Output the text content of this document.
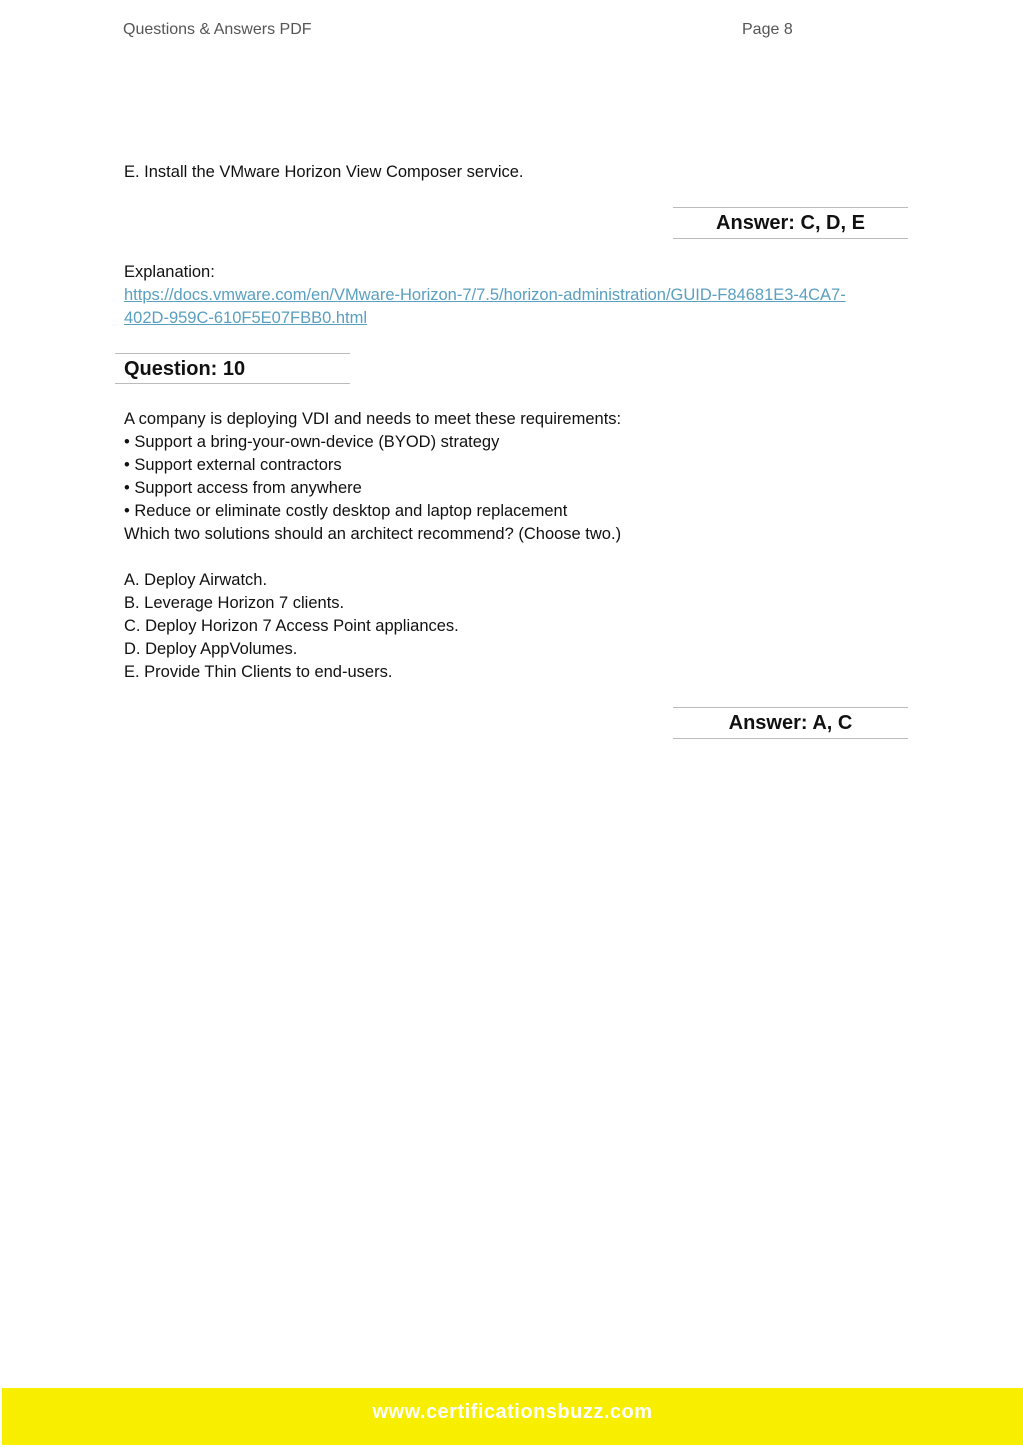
Questions & Answers PDF	Page 8
E. Install the VMware Horizon View Composer service.
Answer: C, D, E
Explanation:
https://docs.vmware.com/en/VMware-Horizon-7/7.5/horizon-administration/GUID-F84681E3-4CA7-
402D-959C-610F5E07FBB0.html
Question: 10
A company is deploying VDI and needs to meet these requirements:
• Support a bring-your-own-device (BYOD) strategy
• Support external contractors
• Support access from anywhere
• Reduce or eliminate costly desktop and laptop replacement
Which two solutions should an architect recommend? (Choose two.)
A. Deploy Airwatch.
B. Leverage Horizon 7 clients.
C. Deploy Horizon 7 Access Point appliances.
D. Deploy AppVolumes.
E. Provide Thin Clients to end-users.
Answer: A, C
www.certificationsbuzz.com
